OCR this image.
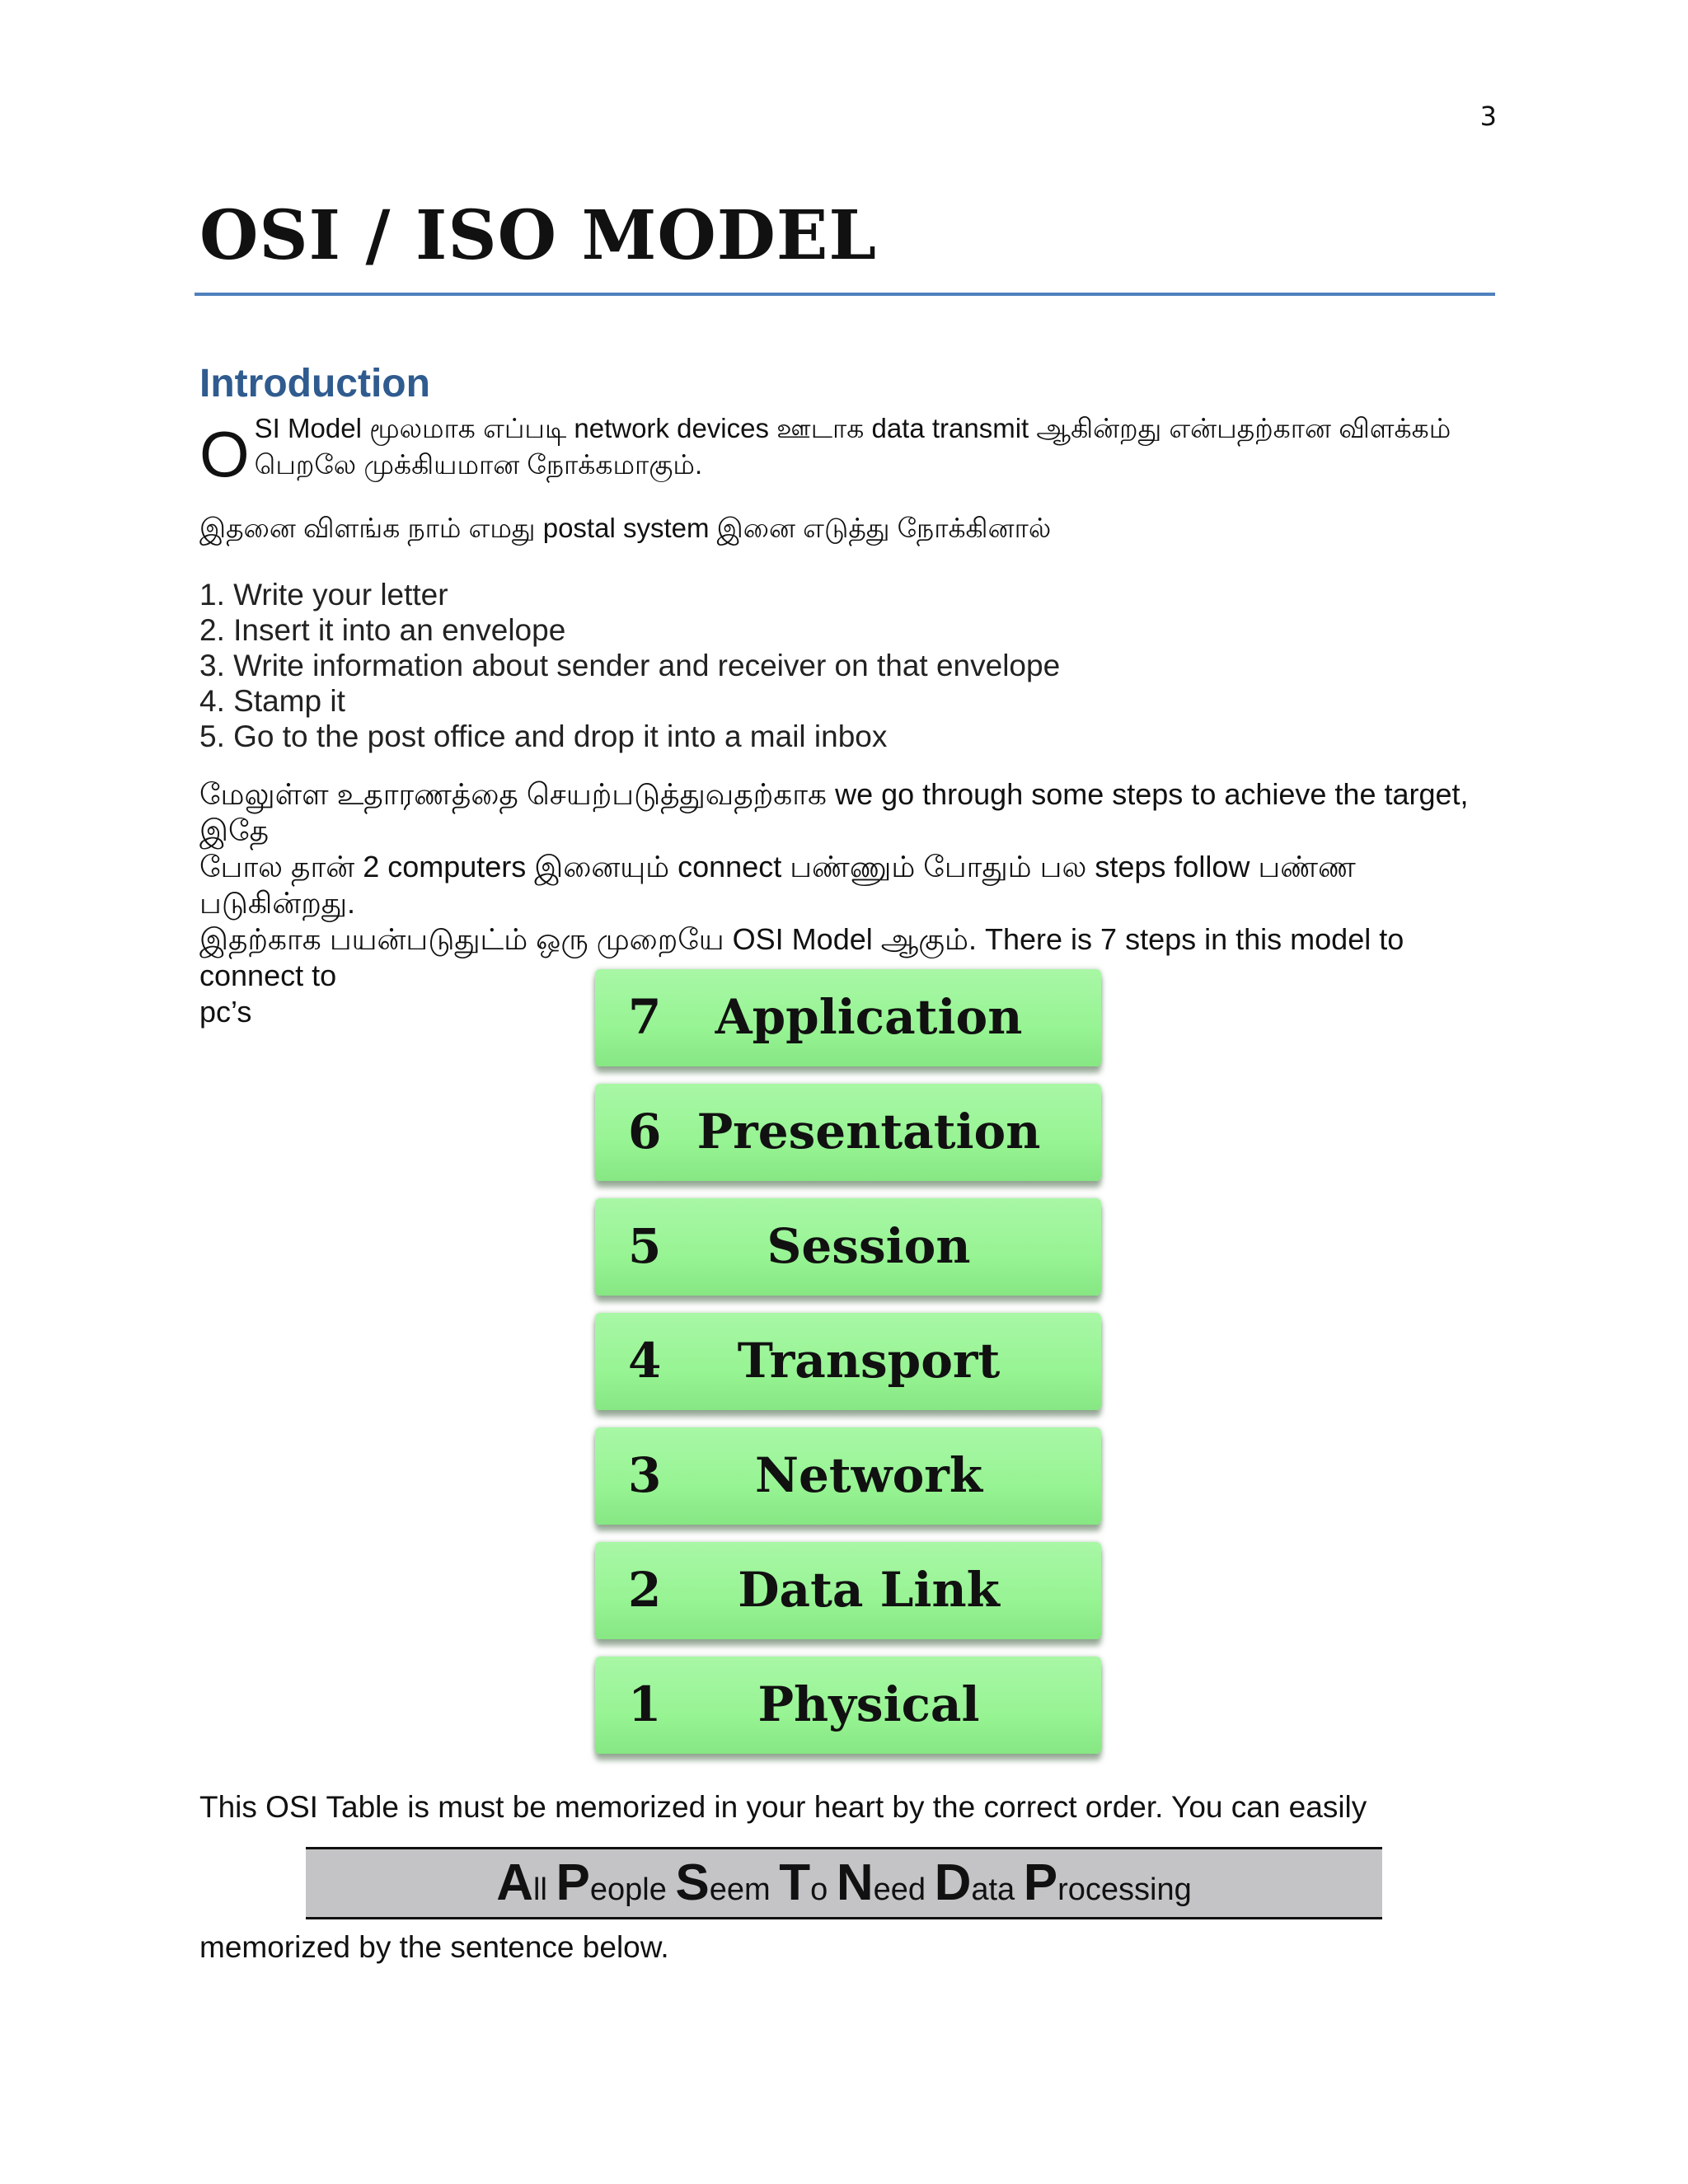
3
OSI / ISO MODEL
Introduction
O SI Model மூலமாக எப்படி network devices ஊடாக data transmit ஆகின்றது என்பதற்கான விளக்கம்
பெறலே முக்கியமான நோக்கமாகும்.
இதனை விளங்க நாம் எமது postal system இனை எடுத்து நோக்கினால்
1. Write your letter
2. Insert it into an envelope
3. Write information about sender and receiver on that envelope
4. Stamp it
5. Go to the post office and drop it into a mail inbox
மேலுள்ள உதாரணத்தை செயற்படுத்துவதற்காக we go through some steps to achieve the target, இதே
போல தான் 2 computers இனையும் connect பண்ணும் போதும் பல steps follow பண்ண படுகின்றது.
இதற்காக பயன்படுதுட்ம் ஒரு முறையே OSI Model ஆகும். There is 7 steps in this model to connect to
pc’s	7	Application
6 Presentation
5	Session
4	Transport
3	Network
2	Data Link
1	Physical
This OSI Table is must be memorized in your heart by the correct order. You can easily
All People Seem To Need Data Processing
memorized by the sentence below.
